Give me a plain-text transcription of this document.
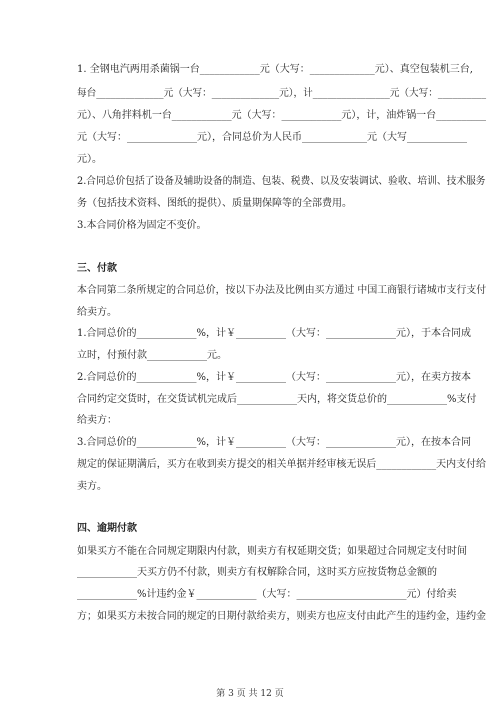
1. 全钢电汽两用杀菌锅一台____________元（大写：_____________元）、真空包装机三台,
每台______________元（大写：______________元），计________________元（大写：__________
元）、八角拌料机一台____________元（大写：____________元），计，油炸锅一台__________
元（大写：______________元），合同总价为人民币_____________元（大写____________
元）。
2.合同总价包括了设备及辅助设备的制造、包装、税费、以及安装调试、验收、培训、技术服务
务（包括技术资料、图纸的提供）、质量期保障等的全部费用。
3.本合同价格为固定不变价。
三、付款
本合同第二条所规定的合同总价，按以下办法及比例由买方通过 中国工商银行诸城市支行支付
给卖方。
1.合同总价的____________%，计￥__________（大写：______________元），于本合同成
立时，付预付款____________元。
2.合同总价的____________%，计￥__________（大写：______________元），在卖方按本
合同约定交货时，在交货试机完成后____________天内，将交货总价的____________%支付
给卖方：
3.合同总价的____________%，计￥__________（大写：______________元），在按本合同
规定的保证期满后，买方在收到卖方提交的相关单据并经审核无误后____________天内支付给
卖方。
四、逾期付款
如果买方不能在合同规定期限内付款，则卖方有权延期交货；如果超过合同规定支付时间
____________天买方仍不付款，则卖方有权解除合同，这时买方应按货物总金额的
____________%计违约金￥____________（大写：______________________元）付给卖
方；如果买方未按合同的规定的日期付款给卖方，则卖方也应支付由此产生的违约金，违约金
第 3 页 共 12 页
